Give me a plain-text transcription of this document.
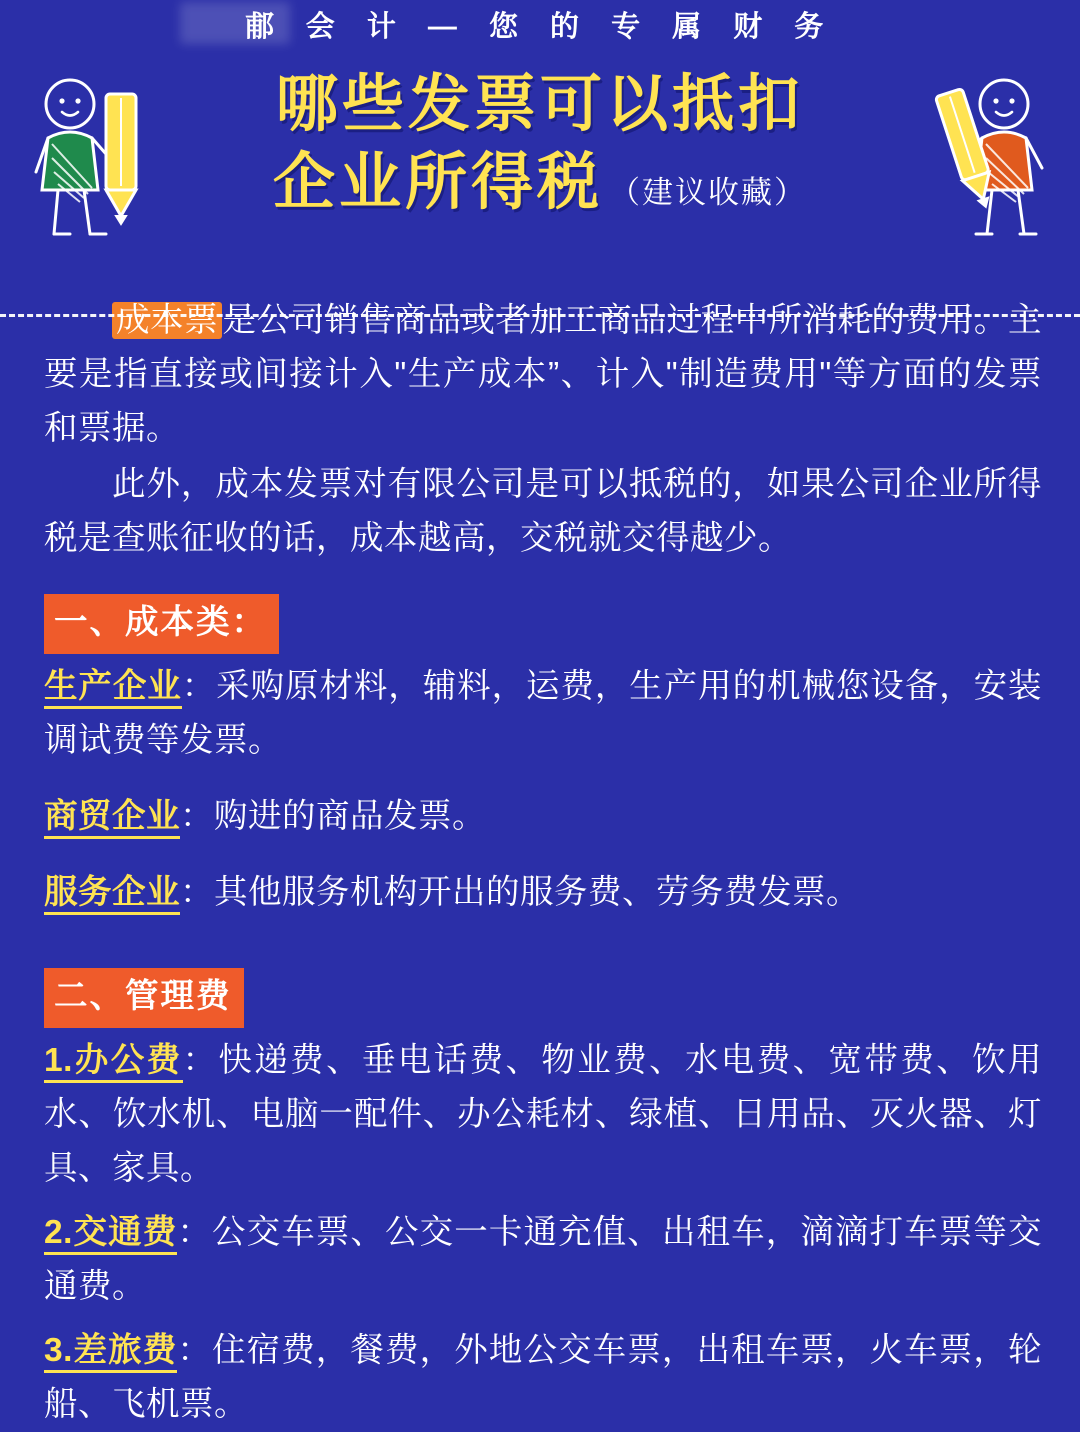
郙 会 计 — 您 的 专 属 财 务
哪些发票可以抵扣
企业所得税 （建议收藏）

成本票 是公司销售商品或者加工商品过程中所消耗的费用。主要是指直接或间接计入"生产成本”、计入"制造费用"等方面的发票和票据。

此外，成本发票对有限公司是可以抵税的，如果公司企业所得税是查账征收的话，成本越高，交税就交得越少。

一、成本类：

生产企业：采购原材料，辅料，运费，生产用的机械您设备，安装调试费等发票。

商贸企业：购进的商品发票。

服务企业：其他服务机构开出的服务费、劳务费发票。

二、管理费

1.办公费：快递费、垂电话费、物业费、水电费、宽带费、饮用水、饮水机、电脑一配件、办公耗材、绿植、日用品、灭火器、灯具、家具。

2.交通费：公交车票、公交一卡通充值、出租车，滴滴打车票等交通费。

3.差旅费：住宿费，餐费，外地公交车票，出租车票，火车票，轮船、飞机票。
